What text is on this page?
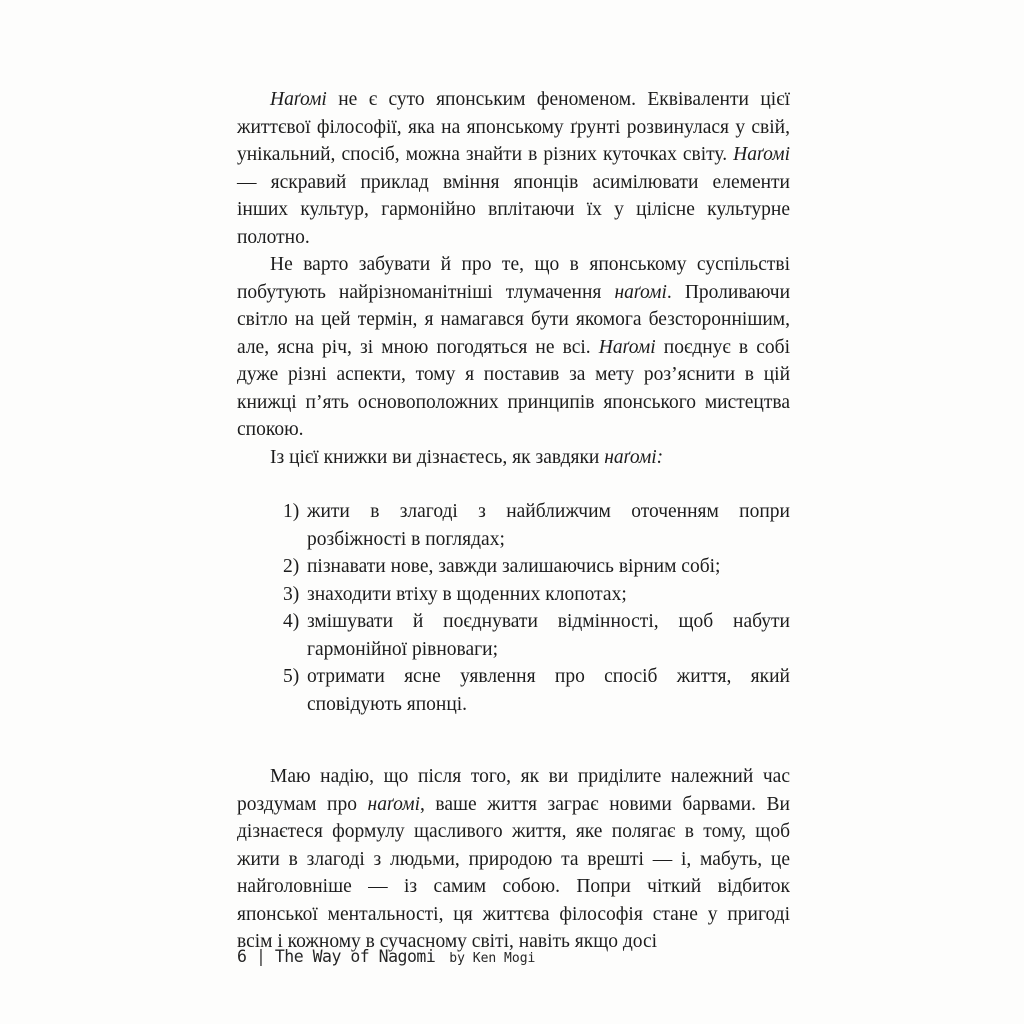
Наґомі не є суто японським феноменом. Еквіваленти цієї життєвої філософії, яка на японському ґрунті розвинулася у свій, унікальний, спосіб, можна знайти в різних куточках світу. Наґомі — яскравий приклад вміння японців асимілювати елементи інших культур, гармонійно вплітаючи їх у цілісне культурне полотно.

Не варто забувати й про те, що в японському суспільстві побутують найрізноманітніші тлумачення наґомі. Проливаючи світло на цей термін, я намагався бути якомога безстороннішим, але, ясна річ, зі мною погодяться не всі. Наґомі поєднує в собі дуже різні аспекти, тому я поставив за мету роз’яснити в цій книжці п’ять основоположних принципів японського мистецтва спокою.

Із цієї книжки ви дізнаєтесь, як завдяки наґомі:

1) жити в злагоді з найближчим оточенням попри розбіжності в поглядах;
2) пізнавати нове, завжди залишаючись вірним собі;
3) знаходити втіху в щоденних клопотах;
4) змішувати й поєднувати відмінності, щоб набути гармонійної рівноваги;
5) отримати ясне уявлення про спосіб життя, який сповідують японці.

Маю надію, що після того, як ви приділите належний час роздумам про наґомі, ваше життя заграє новими барвами. Ви дізнаєтеся формулу щасливого життя, яке полягає в тому, щоб жити в злагоді з людьми, природою та врешті — і, мабуть, це найголовніше — із самим собою. Попри чіткий відбиток японської ментальності, ця життєва філософія стане у пригоді всім і кожному в сучасному світі, навіть якщо досі

6 | The Way of Nagomi by Ken Mogi
